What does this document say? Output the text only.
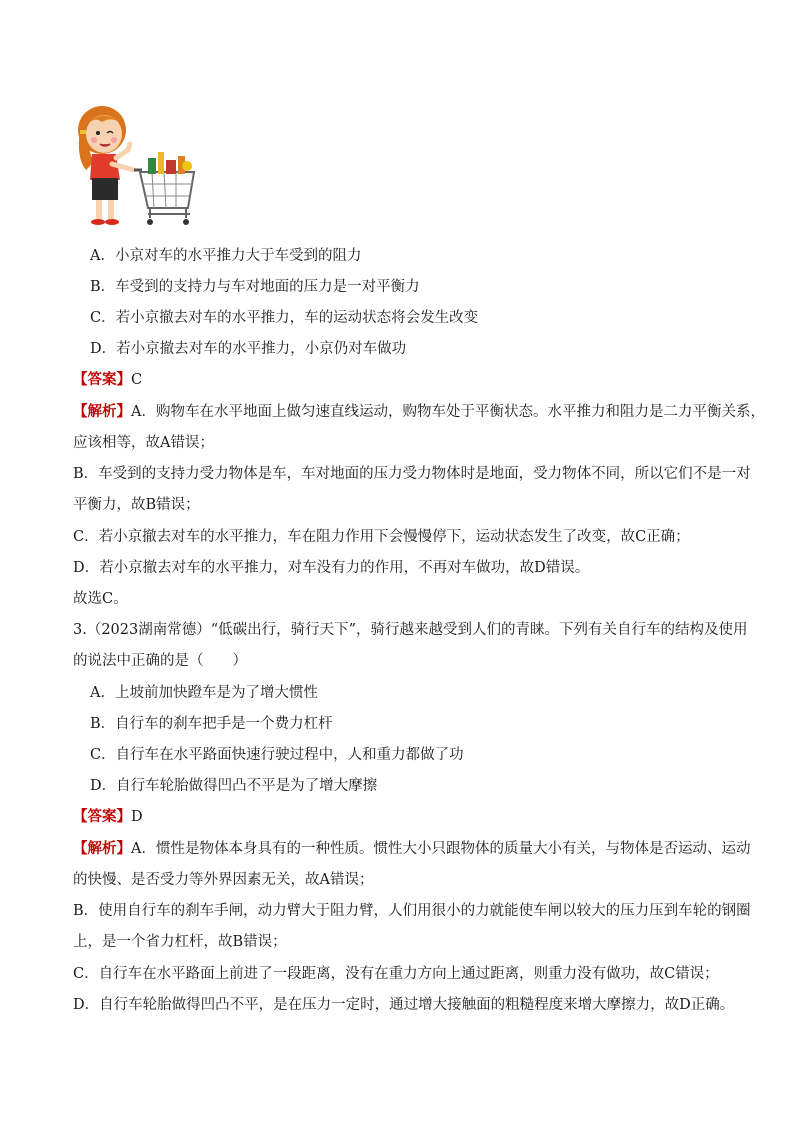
A．小京对车的水平推力大于车受到的阻力
B．车受到的支持力与车对地面的压力是一对平衡力
C．若小京撤去对车的水平推力，车的运动状态将会发生改变
D．若小京撤去对车的水平推力，小京仍对车做功
【答案】C
【解析】A．购物车在水平地面上做匀速直线运动，购物车处于平衡状态。水平推力和阻力是二力平衡关系，
应该相等，故A错误；
B．车受到的支持力受力物体是车，车对地面的压力受力物体时是地面，受力物体不同，所以它们不是一对
平衡力，故B错误；
C．若小京撤去对车的水平推力，车在阻力作用下会慢慢停下，运动状态发生了改变，故C正确；
D．若小京撤去对车的水平推力，对车没有力的作用，不再对车做功，故D错误。
故选C。
3.（2023湖南常德）“低碳出行，骑行天下”，骑行越来越受到人们的青睐。下列有关自行车的结构及使用
的说法中正确的是（　　）
A．上坡前加快蹬车是为了增大惯性
B．自行车的刹车把手是一个费力杠杆
C．自行车在水平路面快速行驶过程中，人和重力都做了功
D．自行车轮胎做得凹凸不平是为了增大摩擦
【答案】D
【解析】A．惯性是物体本身具有的一种性质。惯性大小只跟物体的质量大小有关，与物体是否运动、运动
的快慢、是否受力等外界因素无关，故A错误；
B．使用自行车的刹车手闸，动力臂大于阻力臂，人们用很小的力就能使车闸以较大的压力压到车轮的钢圈
上，是一个省力杠杆，故B错误；
C．自行车在水平路面上前进了一段距离，没有在重力方向上通过距离，则重力没有做功，故C错误；
D．自行车轮胎做得凹凸不平，是在压力一定时，通过增大接触面的粗糙程度来增大摩擦力，故D正确。
